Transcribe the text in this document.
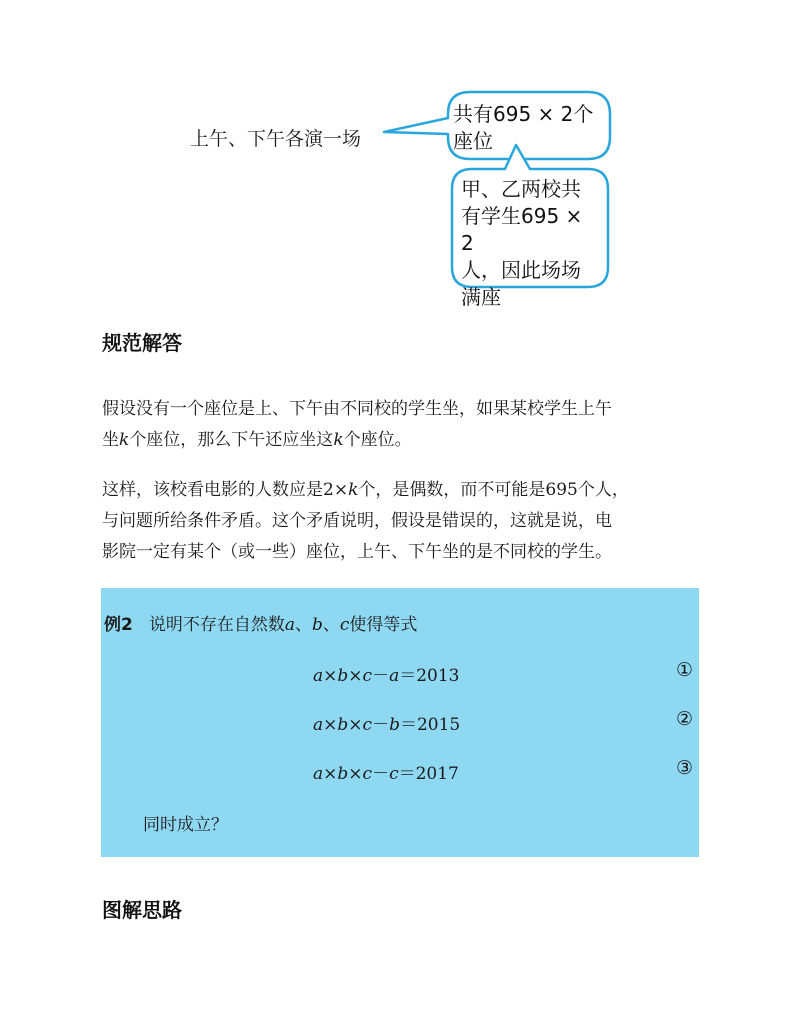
上午、下午各演一场
共有695 × 2个
座位
甲、乙两校共
有学生695 × 2
人，因此场场
满座
规范解答
假设没有一个座位是上、下午由不同校的学生坐，如果某校学生上午
坐k个座位，那么下午还应坐这k个座位。
这样，该校看电影的人数应是2×k个，是偶数，而不可能是695个人，
与问题所给条件矛盾。这个矛盾说明，假设是错误的，这就是说，电
影院一定有某个（或一些）座位，上午、下午坐的是不同校的学生。
例2 说明不存在自然数a、b、c使得等式
a×b×c－a＝2013	①
a×b×c－b＝2015	②
a×b×c－c＝2017	③
同时成立？
图解思路
